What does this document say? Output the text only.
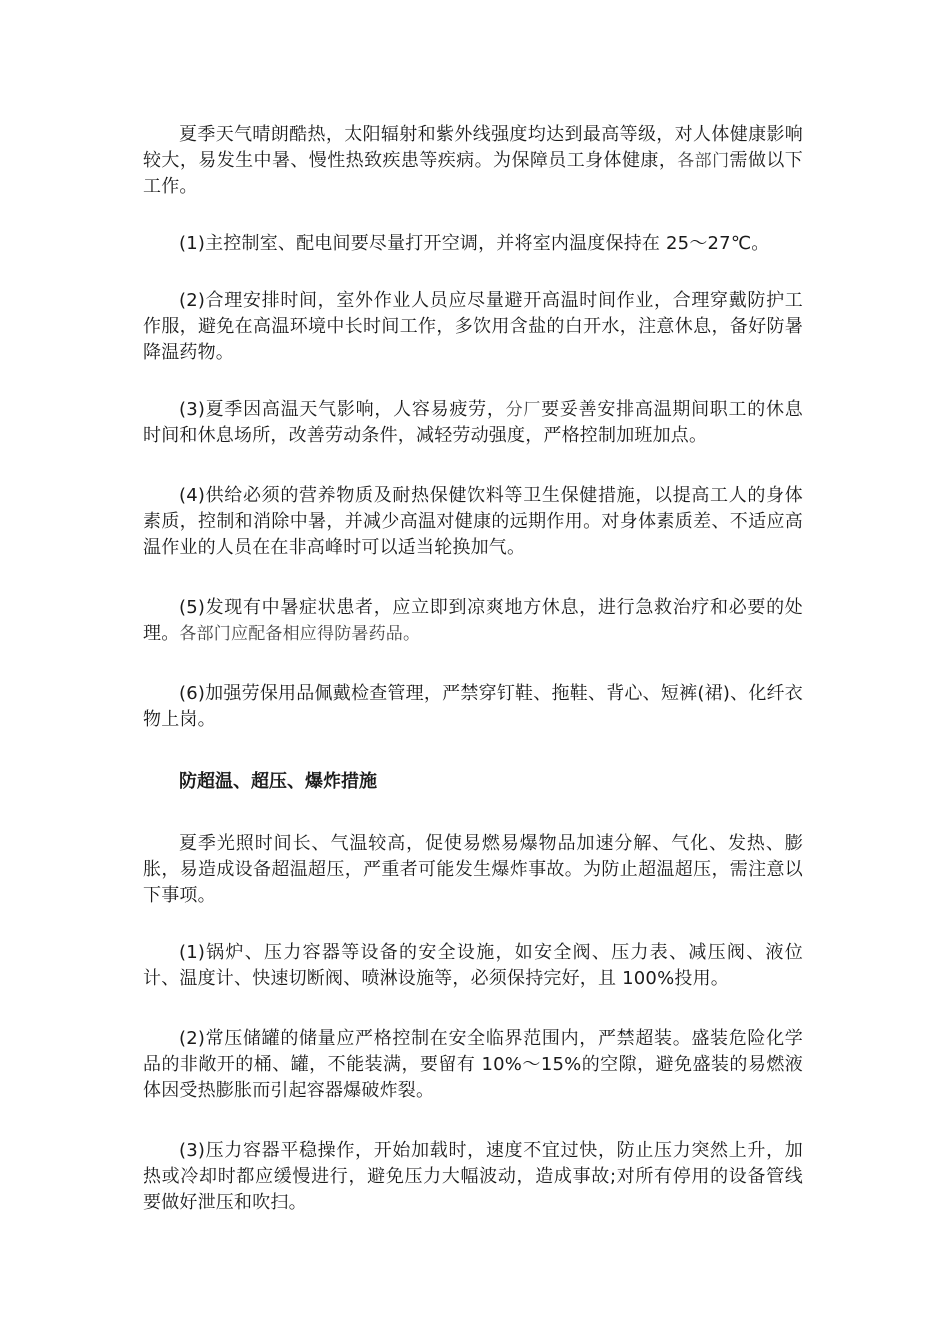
夏季天气晴朗酷热，太阳辐射和紫外线强度均达到最高等级，对人体健康影响较大，易发生中暑、慢性热致疾患等疾病。为保障员工身体健康，各部门需做以下工作。

(1)主控制室、配电间要尽量打开空调，并将室内温度保持在 25～27℃。

(2)合理安排时间，室外作业人员应尽量避开高温时间作业，合理穿戴防护工作服，避免在高温环境中长时间工作，多饮用含盐的白开水，注意休息，备好防暑降温药物。

(3)夏季因高温天气影响，人容易疲劳，分厂要妥善安排高温期间职工的休息时间和休息场所，改善劳动条件，减轻劳动强度，严格控制加班加点。

(4)供给必须的营养物质及耐热保健饮料等卫生保健措施，以提高工人的身体素质，控制和消除中暑，并减少高温对健康的远期作用。对身体素质差、不适应高温作业的人员在在非高峰时可以适当轮换加气。

(5)发现有中暑症状患者，应立即到凉爽地方休息，进行急救治疗和必要的处理。各部门应配备相应得防暑药品。

(6)加强劳保用品佩戴检查管理，严禁穿钉鞋、拖鞋、背心、短裤(裙)、化纤衣物上岗。

防超温、超压、爆炸措施

夏季光照时间长、气温较高，促使易燃易爆物品加速分解、气化、发热、膨胀，易造成设备超温超压，严重者可能发生爆炸事故。为防止超温超压，需注意以下事项。

(1)锅炉、压力容器等设备的安全设施，如安全阀、压力表、减压阀、液位计、温度计、快速切断阀、喷淋设施等，必须保持完好，且 100%投用。

(2)常压储罐的储量应严格控制在安全临界范围内，严禁超装。盛装危险化学品的非敞开的桶、罐，不能装满，要留有 10%～15%的空隙，避免盛装的易燃液体因受热膨胀而引起容器爆破炸裂。

(3)压力容器平稳操作，开始加载时，速度不宜过快，防止压力突然上升，加热或冷却时都应缓慢进行，避免压力大幅波动，造成事故;对所有停用的设备管线要做好泄压和吹扫。
